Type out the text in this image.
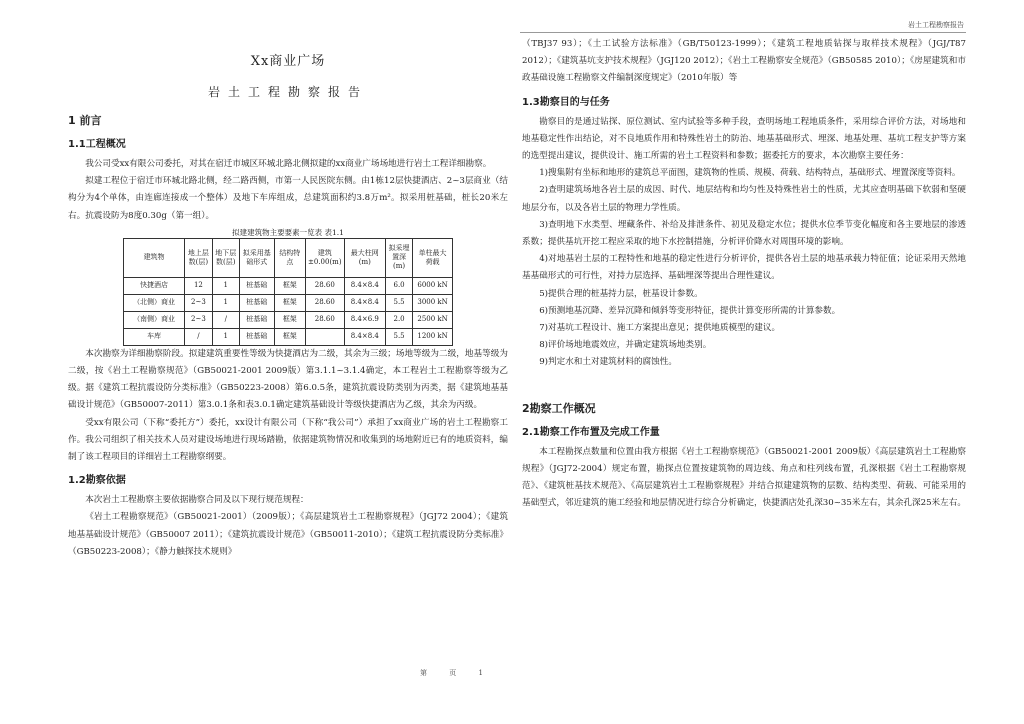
岩土工程勘察报告
Xx商业广场
岩土工程勘察报告
1 前言
1.1工程概况

我公司受xx有限公司委托，对其在宿迁市城区环城北路北侧拟建的xx商业广场场地进行岩土工程详细勘察。

拟建工程位于宿迁市环城北路北侧，经二路西侧，市第一人民医院东侧。由1栋12层快捷酒店、2~3层商业（结构分为4个单体，由连廊连接成一个整体）及地下车库组成，总建筑面积约3.8万m²。拟采用桩基础，桩长20米左右。抗震设防为8度0.30g（第一组）。

拟建建筑物主要要素一览表 表1.1
建筑物	地上层数(层)	地下层数(层)	拟采用基础形式	结构特点	建筑±0.00(m)	最大柱网(m)	拟采埋置深(m)	单柱最大荷载
快捷酒店	12	1	桩基础	框架	28.60	8.4×8.4	6.0	6000 kN
（北侧）商业	2~3	1	桩基础	框架	28.60	8.4×8.4	5.5	3000 kN
（南侧）商业	2~3	/	桩基础	框架	28.60	8.4×6.9	2.0	2500 kN
车库	/	1	桩基础	框架		8.4×8.4	5.5	1200 kN

本次勘察为详细勘察阶段。拟建建筑重要性等级为快捷酒店为二级，其余为三级；场地等级为二级，地基等级为二级，按《岩土工程勘察规范》（GB50021-2001 2009版）第3.1.1~3.1.4确定，本工程岩土工程勘察等级为乙级。据《建筑工程抗震设防分类标准》（GB50223-2008）第6.0.5条，建筑抗震设防类别为丙类，据《建筑地基基础设计规范》（GB50007-2011）第3.0.1条和表3.0.1确定建筑基础设计等级快捷酒店为乙级，其余为丙级。

受xx有限公司（下称“委托方”）委托，xx设计有限公司（下称“我公司”）承担了xx商业广场的岩土工程勘察工作。我公司组织了相关技术人员对建设场地进行现场踏勘，依据建筑物情况和收集到的场地附近已有的地质资料，编制了该工程项目的详细岩土工程勘察纲要。

1.2勘察依据

本次岩土工程勘察主要依据勘察合同及以下现行规范规程：

《岩土工程勘察规范》（GB50021-2001）（2009版）；《高层建筑岩土工程勘察规程》（JGJ72 2004）；《建筑地基基础设计规范》（GB50007 2011）；《建筑抗震设计规范》（GB50011-2010）；《建筑工程抗震设防分类标准》（GB50223-2008）；《静力触探技术规则》

（TBJ37 93）；《土工试验方法标准》（GB/T50123-1999）；《建筑工程地质钻探与取样技术规程》（JGJ/T87 2012）；《建筑基坑支护技术规程》（JGJ120 2012）；《岩土工程勘察安全规范》（GB50585 2010）；《房屋建筑和市政基础设施工程勘察文件编制深度规定》（2010年版）等

1.3勘察目的与任务

勘察目的是通过钻探、原位测试、室内试验等多种手段，查明场地工程地质条件，采用综合评价方法，对场地和地基稳定性作出结论，对不良地质作用和特殊性岩土的防治、地基基础形式、埋深、地基处理、基坑工程支护等方案的选型提出建议，提供设计、施工所需的岩土工程资料和参数；据委托方的要求，本次勘察主要任务：

1)搜集附有坐标和地形的建筑总平面图，建筑物的性质、规模、荷载、结构特点，基础形式、埋置深度等资料。

2)查明建筑场地各岩土层的成因、时代、地层结构和均匀性及特殊性岩土的性质，尤其应查明基础下软弱和坚硬地层分布，以及各岩土层的物理力学性质。

3)查明地下水类型、埋藏条件、补给及排泄条件、初见及稳定水位；提供水位季节变化幅度和各主要地层的渗透系数；提供基坑开挖工程应采取的地下水控制措施，分析评价降水对周围环境的影响。

4)对地基岩土层的工程特性和地基的稳定性进行分析评价，提供各岩土层的地基承载力特征值；论证采用天然地基基础形式的可行性，对持力层选择、基础埋深等提出合理性建议。

5)提供合理的桩基持力层，桩基设计参数。

6)预测地基沉降、差异沉降和倾斜等变形特征，提供计算变形所需的计算参数。

7)对基坑工程设计、施工方案提出意见；提供地质模型的建议。

8)评价场地地震效应，并确定建筑场地类别。

9)判定水和土对建筑材料的腐蚀性。

2勘察工作概况
2.1勘察工作布置及完成工作量

本工程勘探点数量和位置由我方根据《岩土工程勘察规范》（GB50021-2001 2009版）《高层建筑岩土工程勘察规程》（JGJ72-2004）规定布置，勘探点位置按建筑物的周边线、角点和柱列线布置，孔深根据《岩土工程勘察规范》、《建筑桩基技术规范》、《高层建筑岩土工程勘察规程》并结合拟建建筑物的层数、结构类型、荷载、可能采用的基础型式，邻近建筑的施工经验和地层情况进行综合分析确定，快捷酒店处孔深30~35米左右，其余孔深25米左右。

第 页 1
